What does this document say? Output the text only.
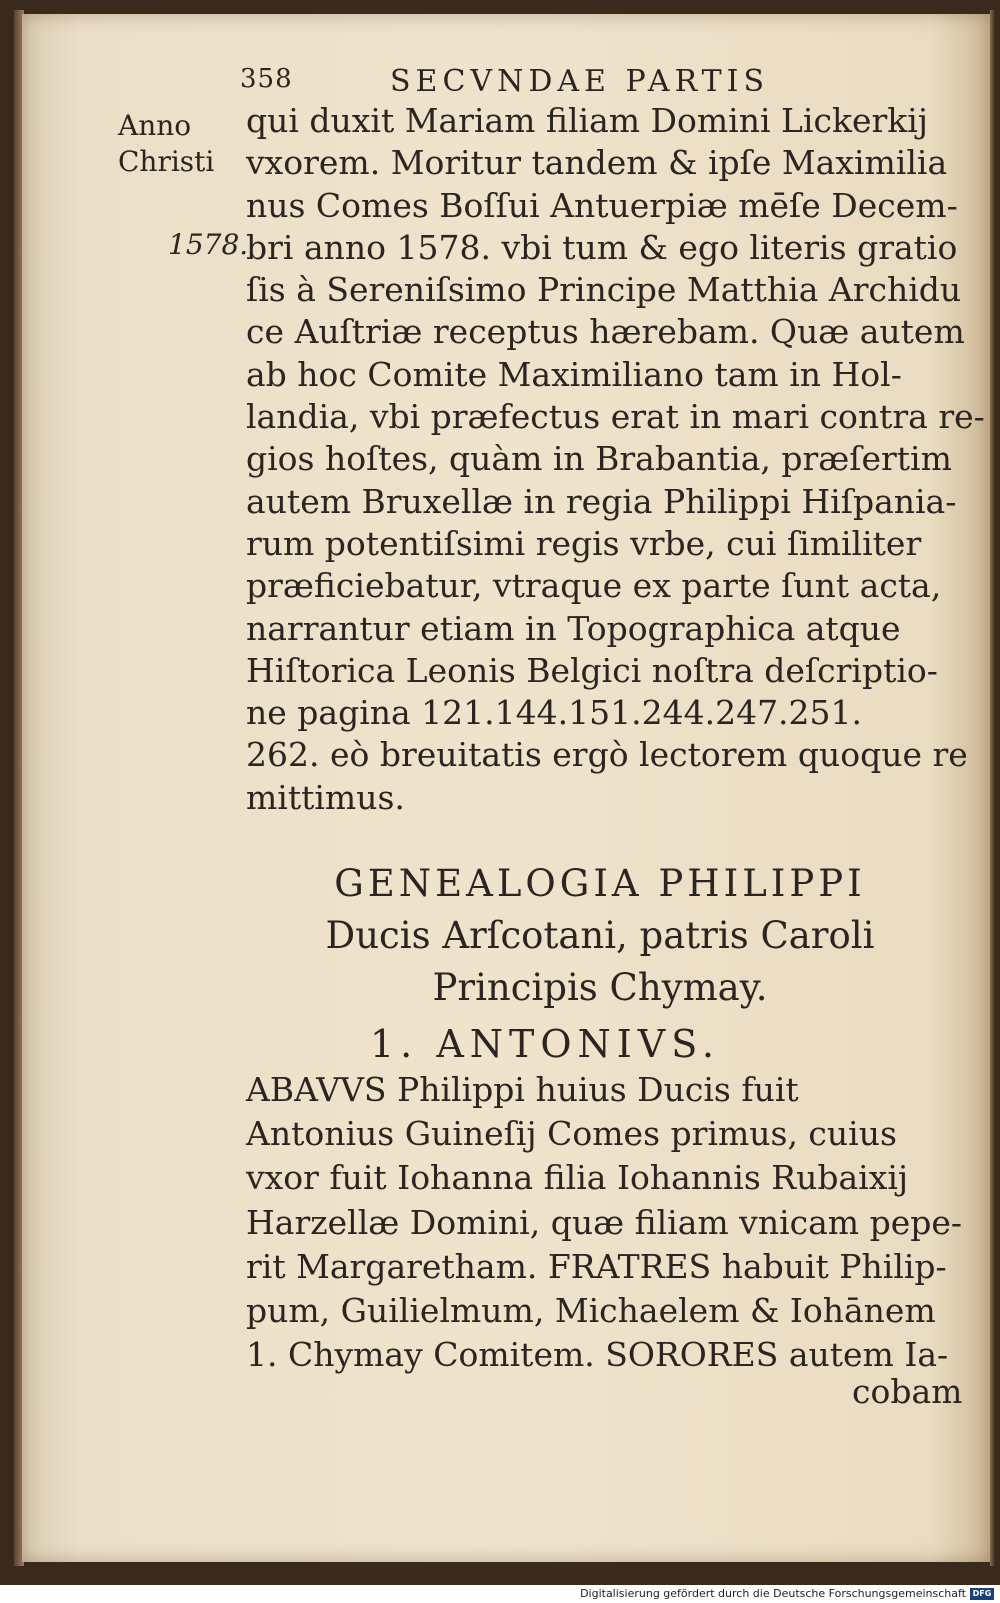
358	SECVNDAE PARTIS
Anno
Christi
1578.
qui duxit Mariam filiam Domini Lickerkij
vxorem. Moritur tandem & ipſe Maximilia
nus Comes Boſſui Antuerpiæ mēſe Decem-
bri anno 1578. vbi tum & ego literis gratio
ſis à Sereniſsimo Principe Matthia Archidu
ce Auſtriæ receptus hærebam. Quæ autem
ab hoc Comite Maximiliano tam in Hol-
landia, vbi præfectus erat in mari contra re-
gios hoſtes, quàm in Brabantia, præſertim
autem Bruxellæ in regia Philippi Hiſpania-
rum potentiſsimi regis vrbe, cui ſimiliter
præficiebatur, vtraque ex parte ſunt acta,
narrantur etiam in Topographica atque
Hiſtorica Leonis Belgici noſtra deſcriptio-
ne pagina 121.144.151.244.247.251.
262. eò breuitatis ergò lectorem quoque re
mittimus.
GENEALOGIA PHILIPPI
Ducis Arſcotani, patris Caroli
Principis Chymay.
1. ANTONIVS.
ABAVVS Philippi huius Ducis fuit
Antonius Guineſij Comes primus, cuius
vxor fuit Iohanna filia Iohannis Rubaixij
Harzellæ Domini, quæ filiam vnicam pepe-
rit Margaretham. FRATRES habuit Philip-
pum, Guilielmum, Michaelem & Iohānem
1. Chymay Comitem. SORORES autem Ia-
cobam
Digitalisierung gefördert durch die Deutsche Forschungsgemeinschaft DFG
